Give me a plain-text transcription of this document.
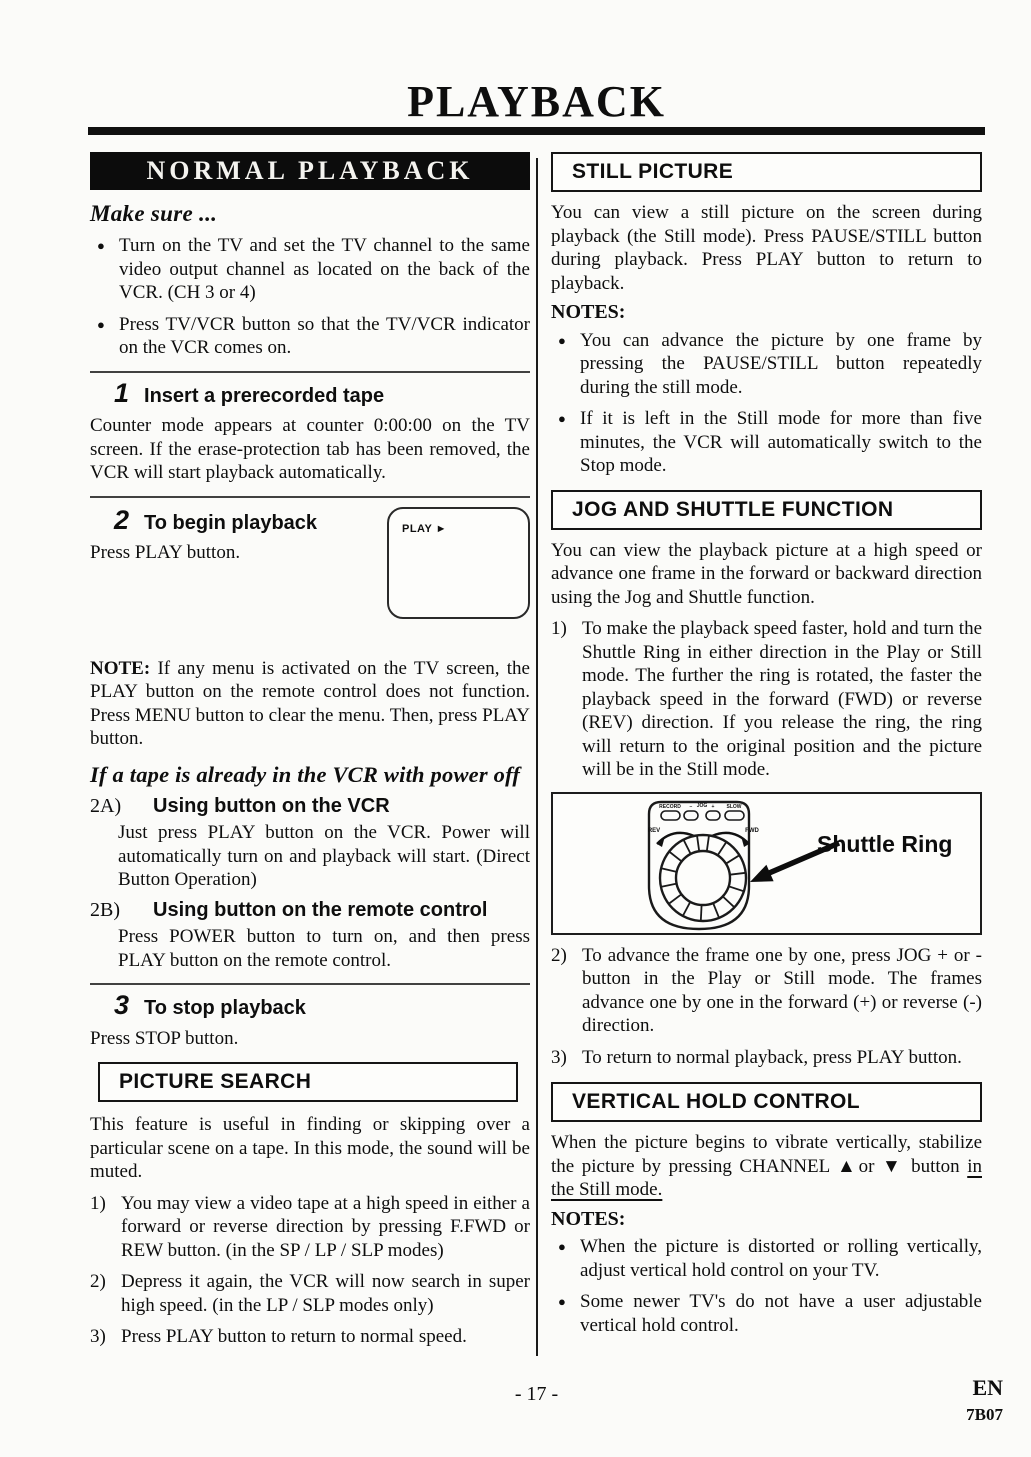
PLAYBACK
NORMAL PLAYBACK
Make sure ...
● Turn on the TV and set the TV channel to the same video output channel as located on the back of the VCR. (CH 3 or 4)
● Press TV/VCR button so that the TV/VCR indicator on the VCR comes on.
1 Insert a prerecorded tape
Counter mode appears at counter 0:00:00 on the TV screen. If the erase-protection tab has been removed, the VCR will start playback automatically.
2 To begin playback
Press PLAY button.
PLAY ►
NOTE: If any menu is activated on the TV screen, the PLAY button on the remote control does not function. Press MENU button to clear the menu. Then, press PLAY button.
If a tape is already in the VCR with power off
2A)	Using button on the VCR
Just press PLAY button on the VCR. Power will automatically turn on and playback will start. (Direct Button Operation)
2B)	Using button on the remote control
Press POWER button to turn on, and then press PLAY button on the remote control.
3 To stop playback
Press STOP button.
PICTURE SEARCH
This feature is useful in finding or skipping over a particular scene on a tape. In this mode, the sound will be muted.
1) You may view a video tape at a high speed in either a forward or reverse direction by pressing F.FWD or REW button. (in the SP / LP / SLP modes)
2) Depress it again, the VCR will now search in super high speed. (in the LP / SLP modes only)
3) Press PLAY button to return to normal speed.
STILL PICTURE
You can view a still picture on the screen during playback (the Still mode). Press PAUSE/STILL button during playback. Press PLAY button to return to playback.
NOTES:
● You can advance the picture by one frame by pressing the PAUSE/STILL button repeatedly during the still mode.
● If it is left in the Still mode for more than five minutes, the VCR will automatically switch to the Stop mode.
JOG AND SHUTTLE FUNCTION
You can view the playback picture at a high speed or advance one frame in the forward or backward direction using the Jog and Shuttle function.
1) To make the playback speed faster, hold and turn the Shuttle Ring in either direction in the Play or Still mode. The further the ring is rotated, the faster the playback speed in the forward (FWD) or reverse (REV) direction. If you release the ring, the ring will return to the original position and the picture will be in the Still mode.
RECORD − JOG + SLOW
REV	FWD	Shuttle Ring
2) To advance the frame one by one, press JOG + or - button in the Play or Still mode. The frames advance one by one in the forward (+) or reverse (-) direction.
3) To return to normal playback, press PLAY button.
VERTICAL HOLD CONTROL
When the picture begins to vibrate vertically, stabilize the picture by pressing CHANNEL ▲or ▼ button in the Still mode.
NOTES:
● When the picture is distorted or rolling vertically, adjust vertical hold control on your TV.
● Some newer TV's do not have a user adjustable vertical hold control.
- 17 -	EN
7B07
